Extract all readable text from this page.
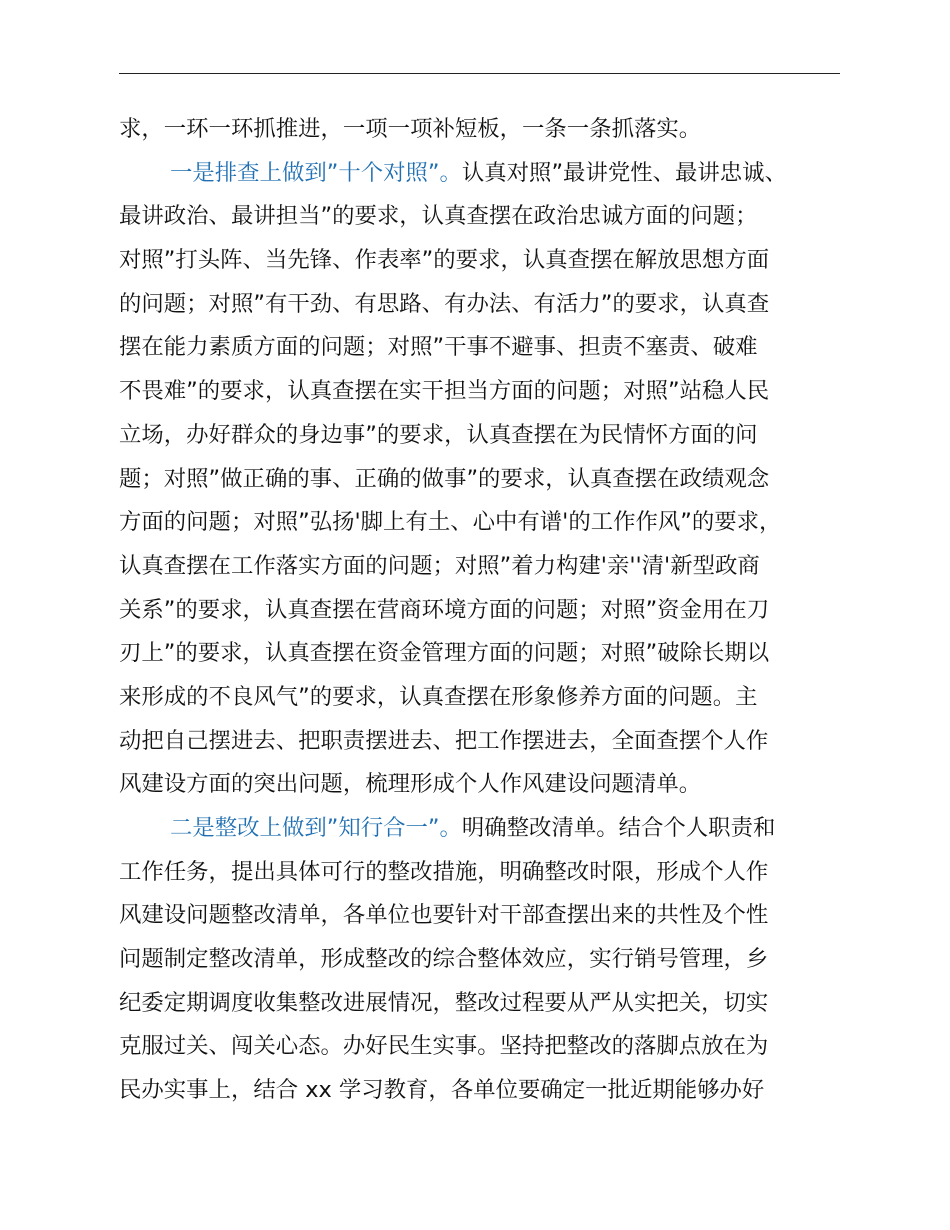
求，一环一环抓推进，一项一项补短板，一条一条抓落实。
一是排查上做到”十个对照”。认真对照”最讲党性、最讲忠诚、
最讲政治、最讲担当”的要求，认真查摆在政治忠诚方面的问题；
对照”打头阵、当先锋、作表率”的要求，认真查摆在解放思想方面
的问题；对照”有干劲、有思路、有办法、有活力”的要求，认真查
摆在能力素质方面的问题；对照”干事不避事、担责不塞责、破难
不畏难”的要求，认真查摆在实干担当方面的问题；对照”站稳人民
立场，办好群众的身边事”的要求，认真查摆在为民情怀方面的问
题；对照”做正确的事、正确的做事”的要求，认真查摆在政绩观念
方面的问题；对照”弘扬'脚上有土、心中有谱'的工作作风”的要求，
认真查摆在工作落实方面的问题；对照”着力构建'亲''清'新型政商
关系”的要求，认真查摆在营商环境方面的问题；对照”资金用在刀
刃上”的要求，认真查摆在资金管理方面的问题；对照”破除长期以
来形成的不良风气”的要求，认真查摆在形象修养方面的问题。主
动把自己摆进去、把职责摆进去、把工作摆进去，全面查摆个人作
风建设方面的突出问题，梳理形成个人作风建设问题清单。
二是整改上做到”知行合一”。明确整改清单。结合个人职责和
工作任务，提出具体可行的整改措施，明确整改时限，形成个人作
风建设问题整改清单，各单位也要针对干部查摆出来的共性及个性
问题制定整改清单，形成整改的综合整体效应，实行销号管理，乡
纪委定期调度收集整改进展情况，整改过程要从严从实把关，切实
克服过关、闯关心态。办好民生实事。坚持把整改的落脚点放在为
民办实事上，结合 xx 学习教育，各单位要确定一批近期能够办好
